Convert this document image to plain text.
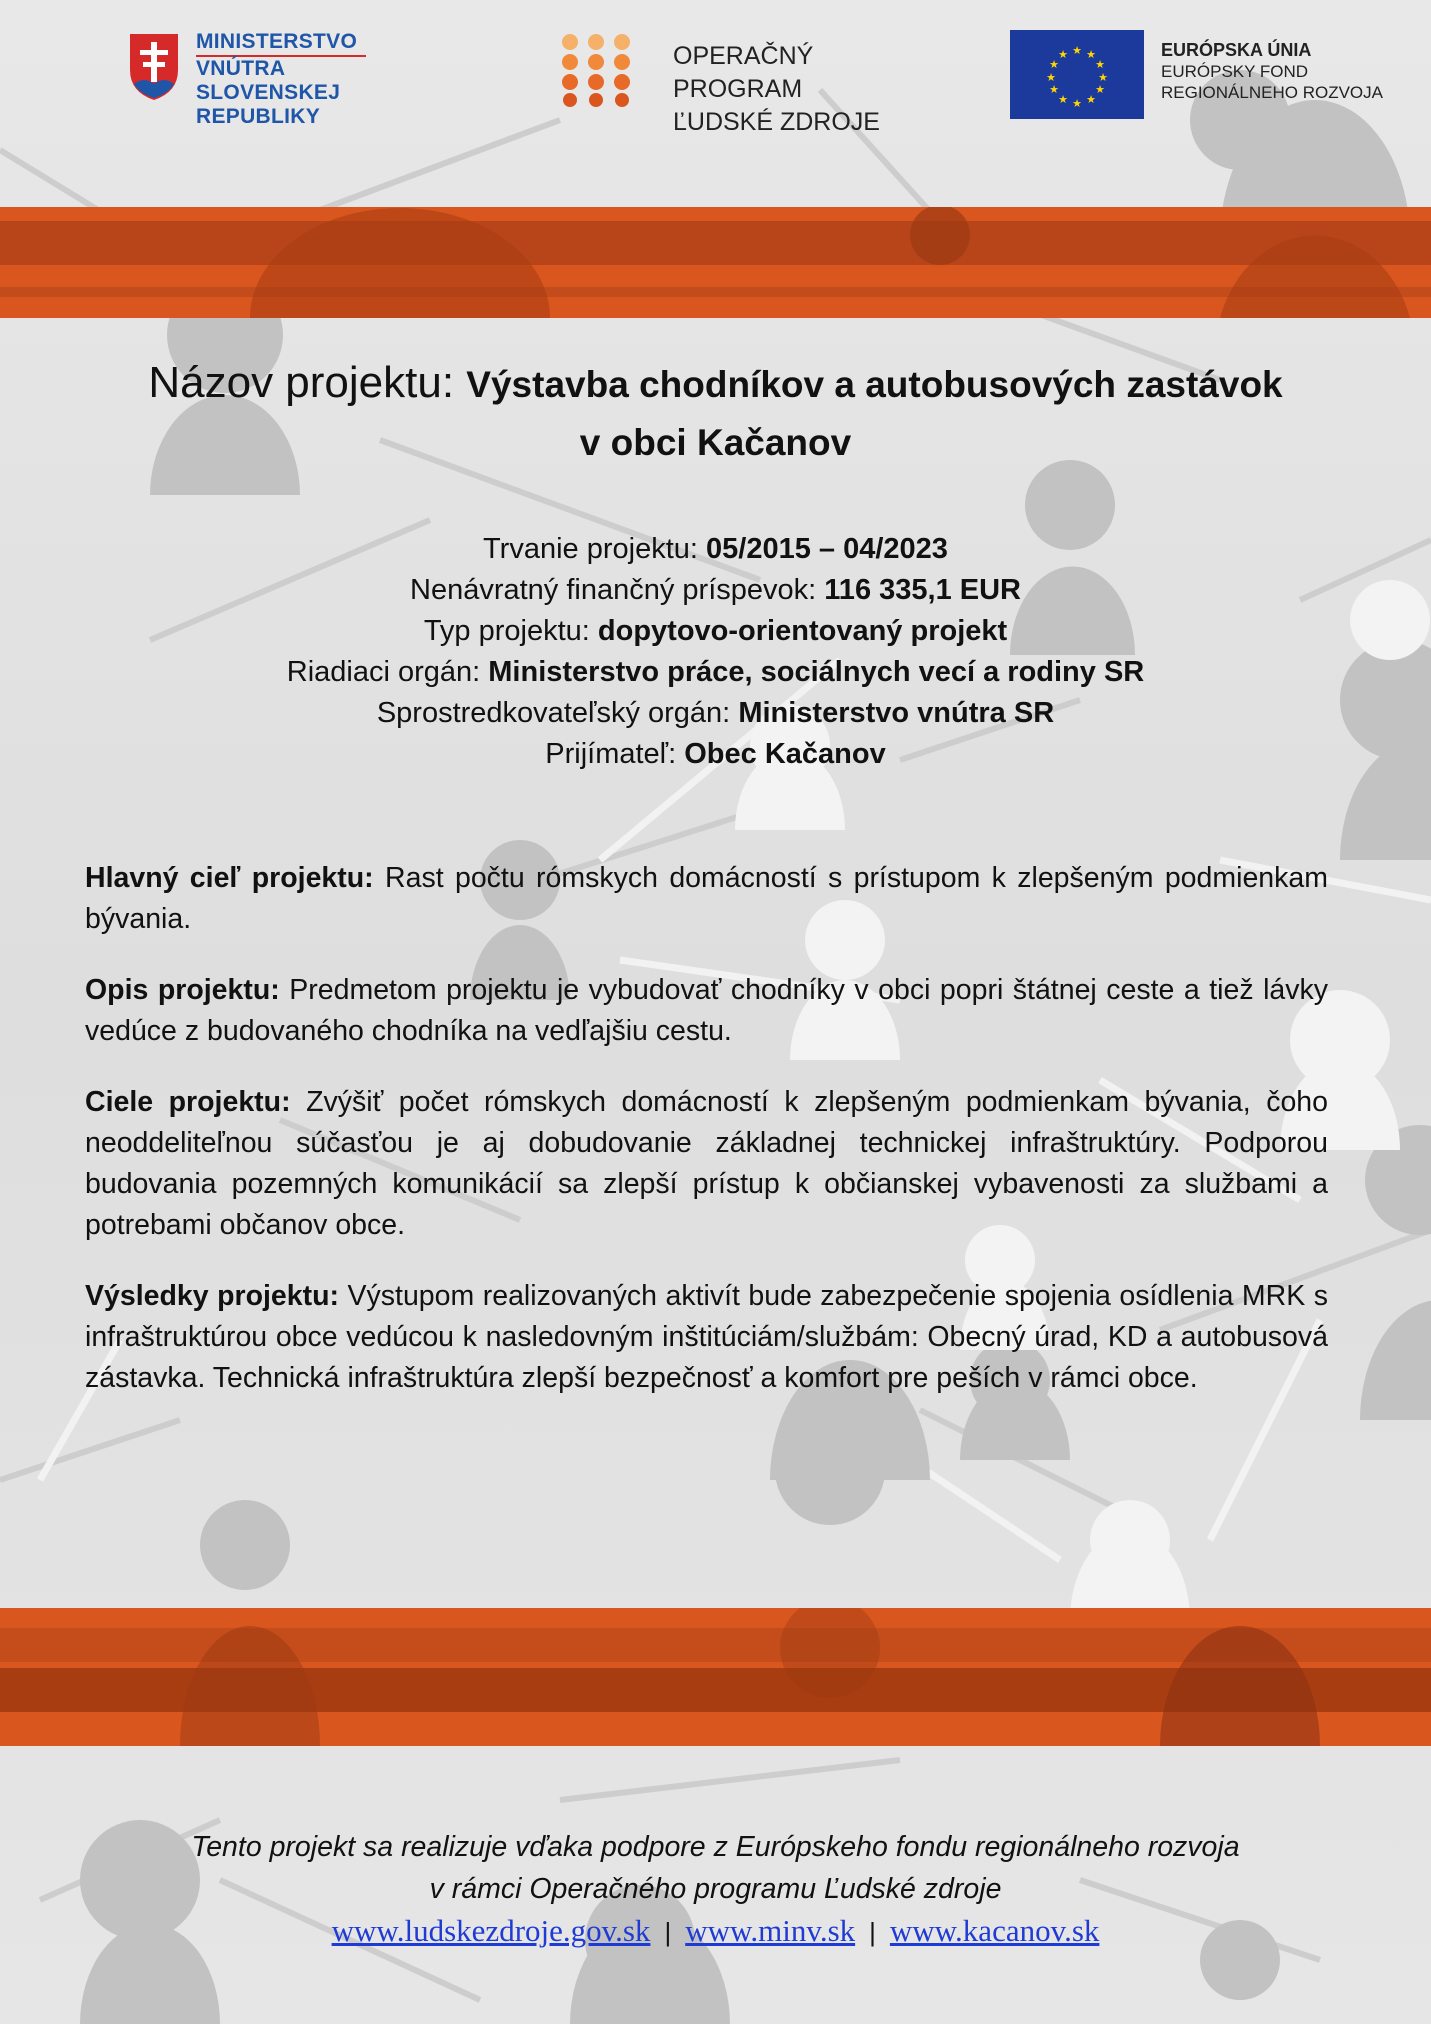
MINISTERSTVO
VNÚTRA
SLOVENSKEJ REPUBLIKY
OPERAČNÝ PROGRAM
ĽUDSKÉ ZDROJE
★ ★
★
★
★
★
★
★
★
★
★
★	EURÓPSKA ÚNIA
EURÓPSKY FOND
REGIONÁLNEHO ROZVOJA
Názov projektu: Výstavba chodníkov a autobusových zastávok
v obci Kačanov
Trvanie projektu: 05/2015 – 04/2023
Nenávratný finančný príspevok: 116 335,1 EUR
Typ projektu: dopytovo-orientovaný projekt
Riadiaci orgán: Ministerstvo práce, sociálnych vecí a rodiny SR
Sprostredkovateľský orgán: Ministerstvo vnútra SR
Prijímateľ: Obec Kačanov

Hlavný cieľ projektu: Rast počtu rómskych domácností s prístupom k zlepšeným podmienkam bývania.

Opis projektu: Predmetom projektu je vybudovať chodníky v obci popri štátnej ceste a tiež lávky vedúce z budovaného chodníka na vedľajšiu cestu.

Ciele projektu: Zvýšiť počet rómskych domácností k zlepšeným podmienkam bývania, čoho neoddeliteľnou súčasťou je aj dobudovanie základnej technickej infraštruktúry. Podporou budovania pozemných komunikácií sa zlepší prístup k občianskej vybavenosti za službami a potrebami občanov obce.

Výsledky projektu: Výstupom realizovaných aktivít bude zabezpečenie spojenia osídlenia MRK s infraštruktúrou obce vedúcou k nasledovným inštitúciám/službám: Obecný úrad, KD a autobusová zástavka. Technická infraštruktúra zlepší bezpečnosť a komfort pre peších v rámci obce.

Tento projekt sa realizuje vďaka podpore z Európskeho fondu regionálneho rozvoja
v rámci Operačného programu Ľudské zdroje
www.ludskezdroje.gov.sk | www.minv.sk | www.kacanov.sk
